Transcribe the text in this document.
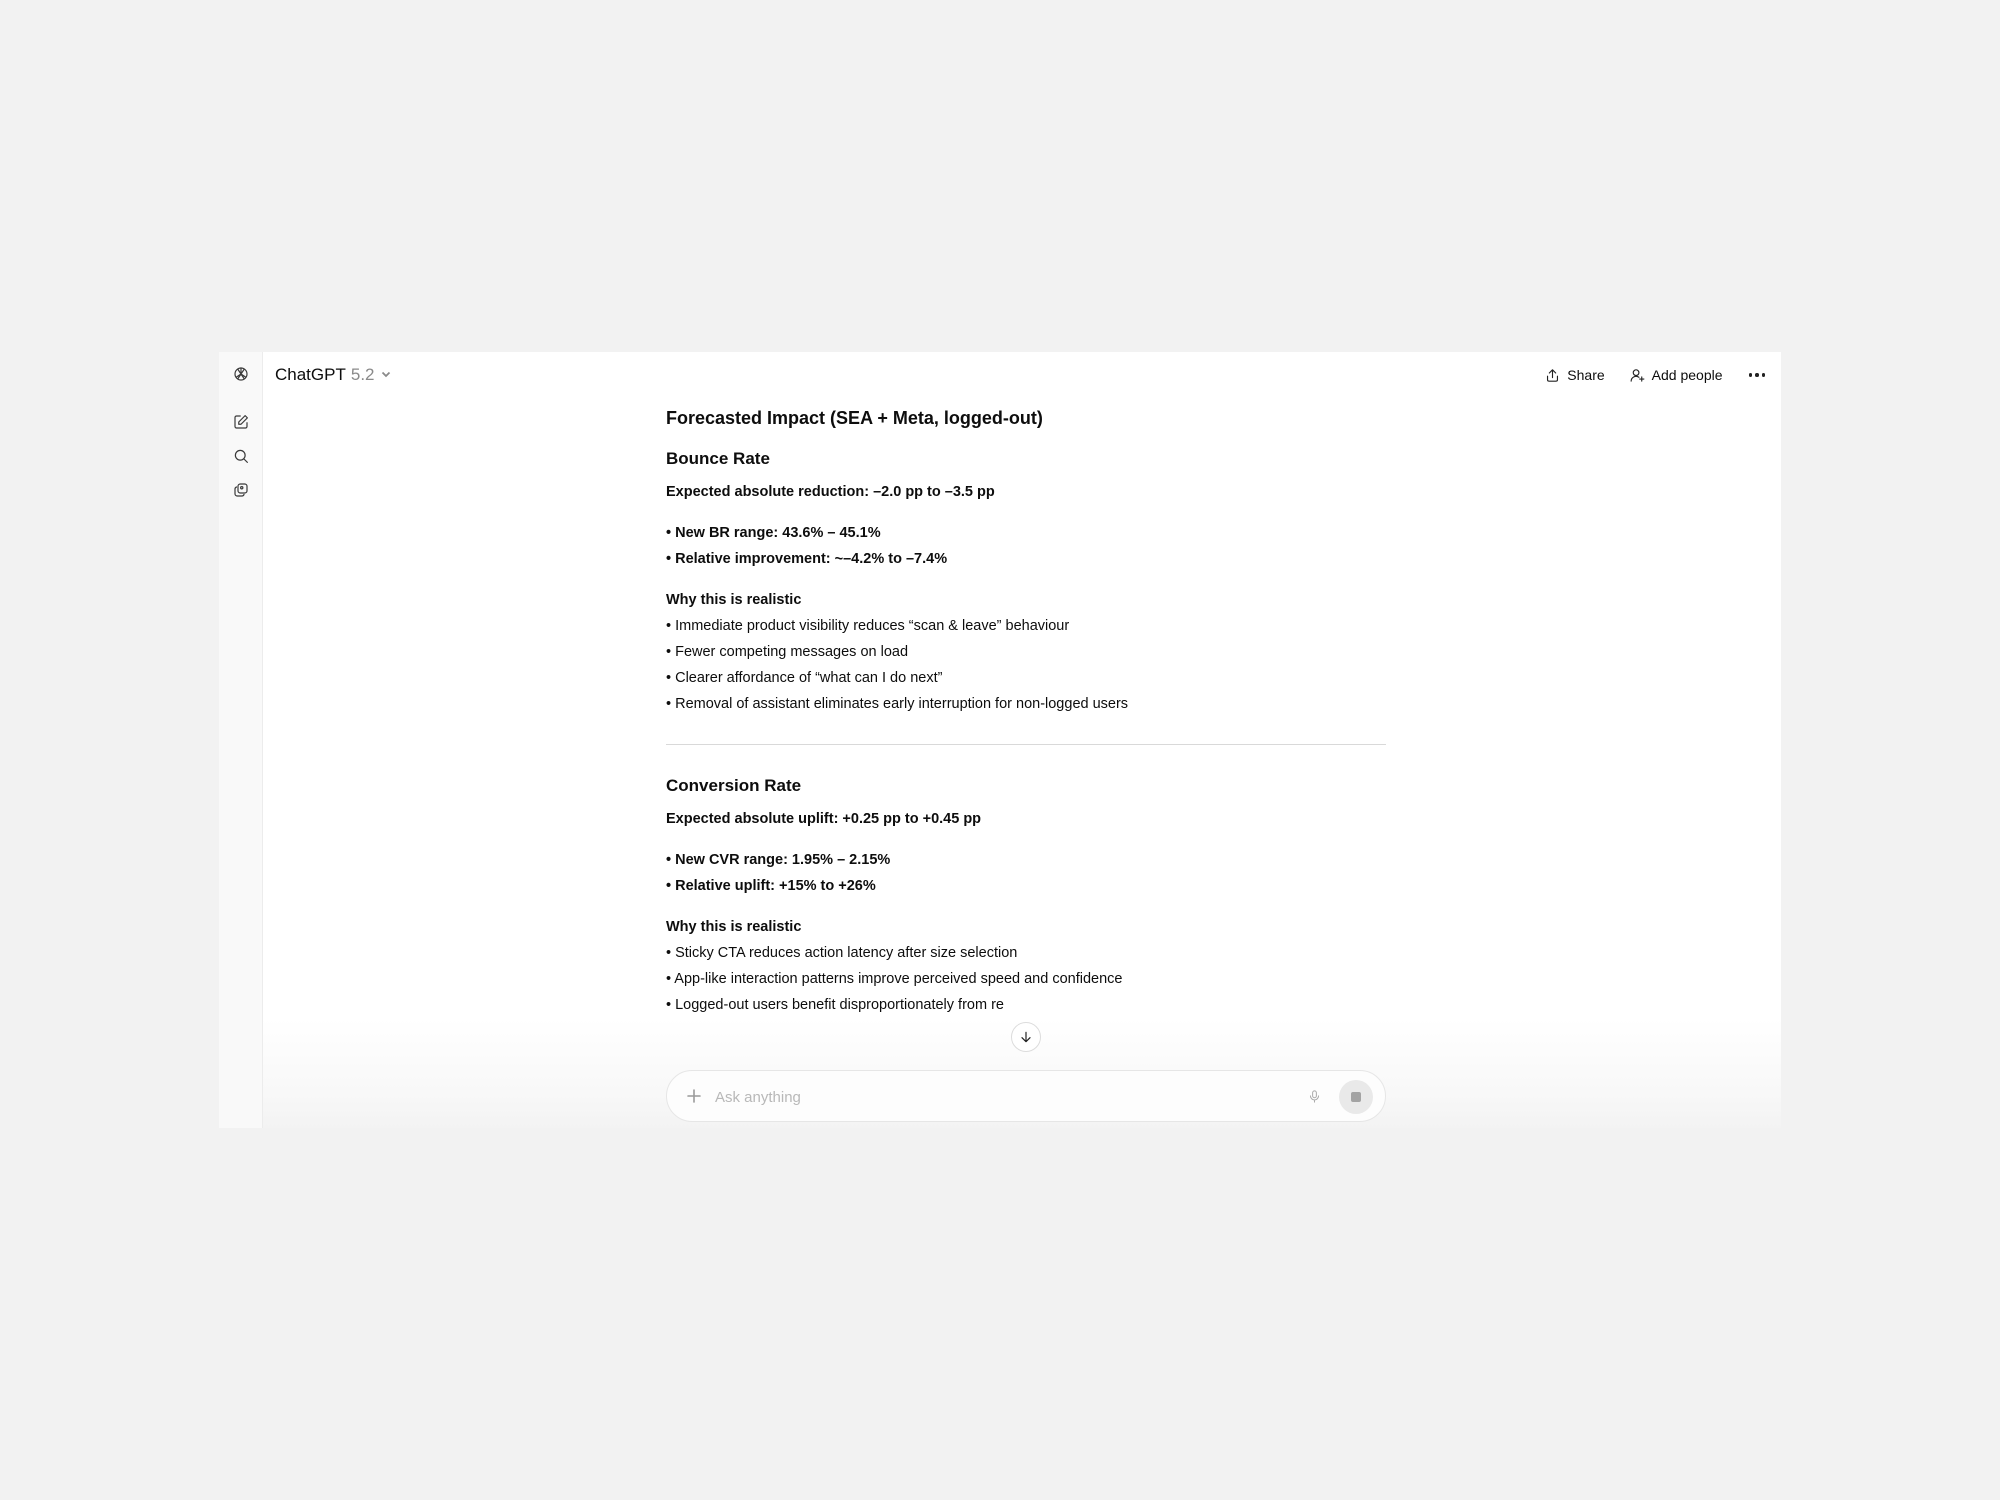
ChatGPT 5.2	Share	Add people
Forecasted Impact (SEA + Meta, logged-out)
Bounce Rate
Expected absolute reduction: –2.0 pp to –3.5 pp
• New BR range: 43.6% – 45.1%
• Relative improvement: ~–4.2% to –7.4%
Why this is realistic
• Immediate product visibility reduces “scan & leave” behaviour
• Fewer competing messages on load
• Clearer affordance of “what can I do next”
• Removal of assistant eliminates early interruption for non-logged users
Conversion Rate
Expected absolute uplift: +0.25 pp to +0.45 pp
• New CVR range: 1.95% – 2.15%
• Relative uplift: +15% to +26%
Why this is realistic
• Sticky CTA reduces action latency after size selection
• App-like interaction patterns improve perceived speed and confidence
• Logged-out users benefit disproportionately from re
Ask anything
